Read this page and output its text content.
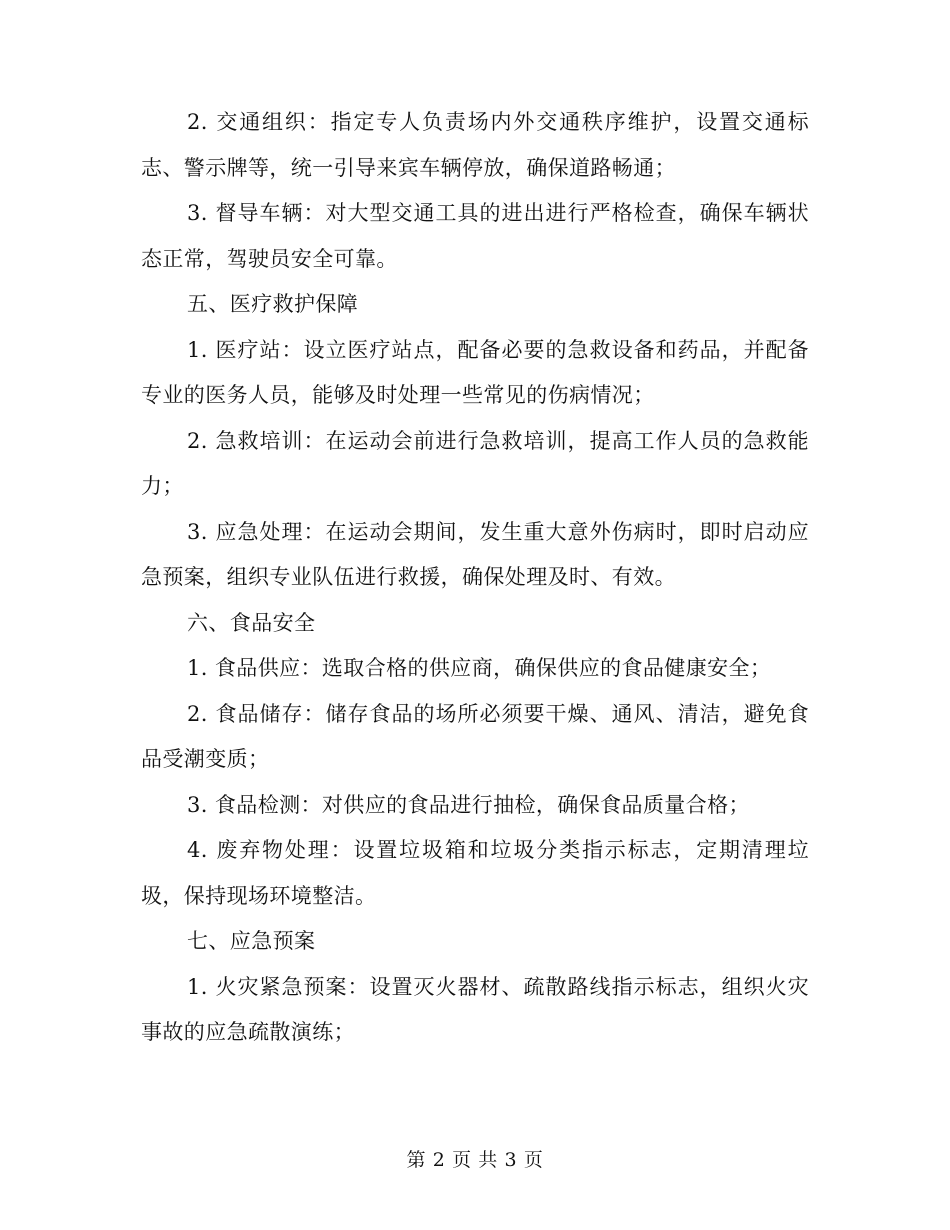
2. 交通组织：指定专人负责场内外交通秩序维护，设置交通标志、警示牌等，统一引导来宾车辆停放，确保道路畅通；

3. 督导车辆：对大型交通工具的进出进行严格检查，确保车辆状态正常，驾驶员安全可靠。

五、医疗救护保障

1. 医疗站：设立医疗站点，配备必要的急救设备和药品，并配备专业的医务人员，能够及时处理一些常见的伤病情况；

2. 急救培训：在运动会前进行急救培训，提高工作人员的急救能力；

3. 应急处理：在运动会期间，发生重大意外伤病时，即时启动应急预案，组织专业队伍进行救援，确保处理及时、有效。

六、食品安全

1. 食品供应：选取合格的供应商，确保供应的食品健康安全；

2. 食品储存：储存食品的场所必须要干燥、通风、清洁，避免食品受潮变质；

3. 食品检测：对供应的食品进行抽检，确保食品质量合格；

4. 废弃物处理：设置垃圾箱和垃圾分类指示标志，定期清理垃圾，保持现场环境整洁。

七、应急预案

1. 火灾紧急预案：设置灭火器材、疏散路线指示标志，组织火灾事故的应急疏散演练；

第 2 页 共 3 页
